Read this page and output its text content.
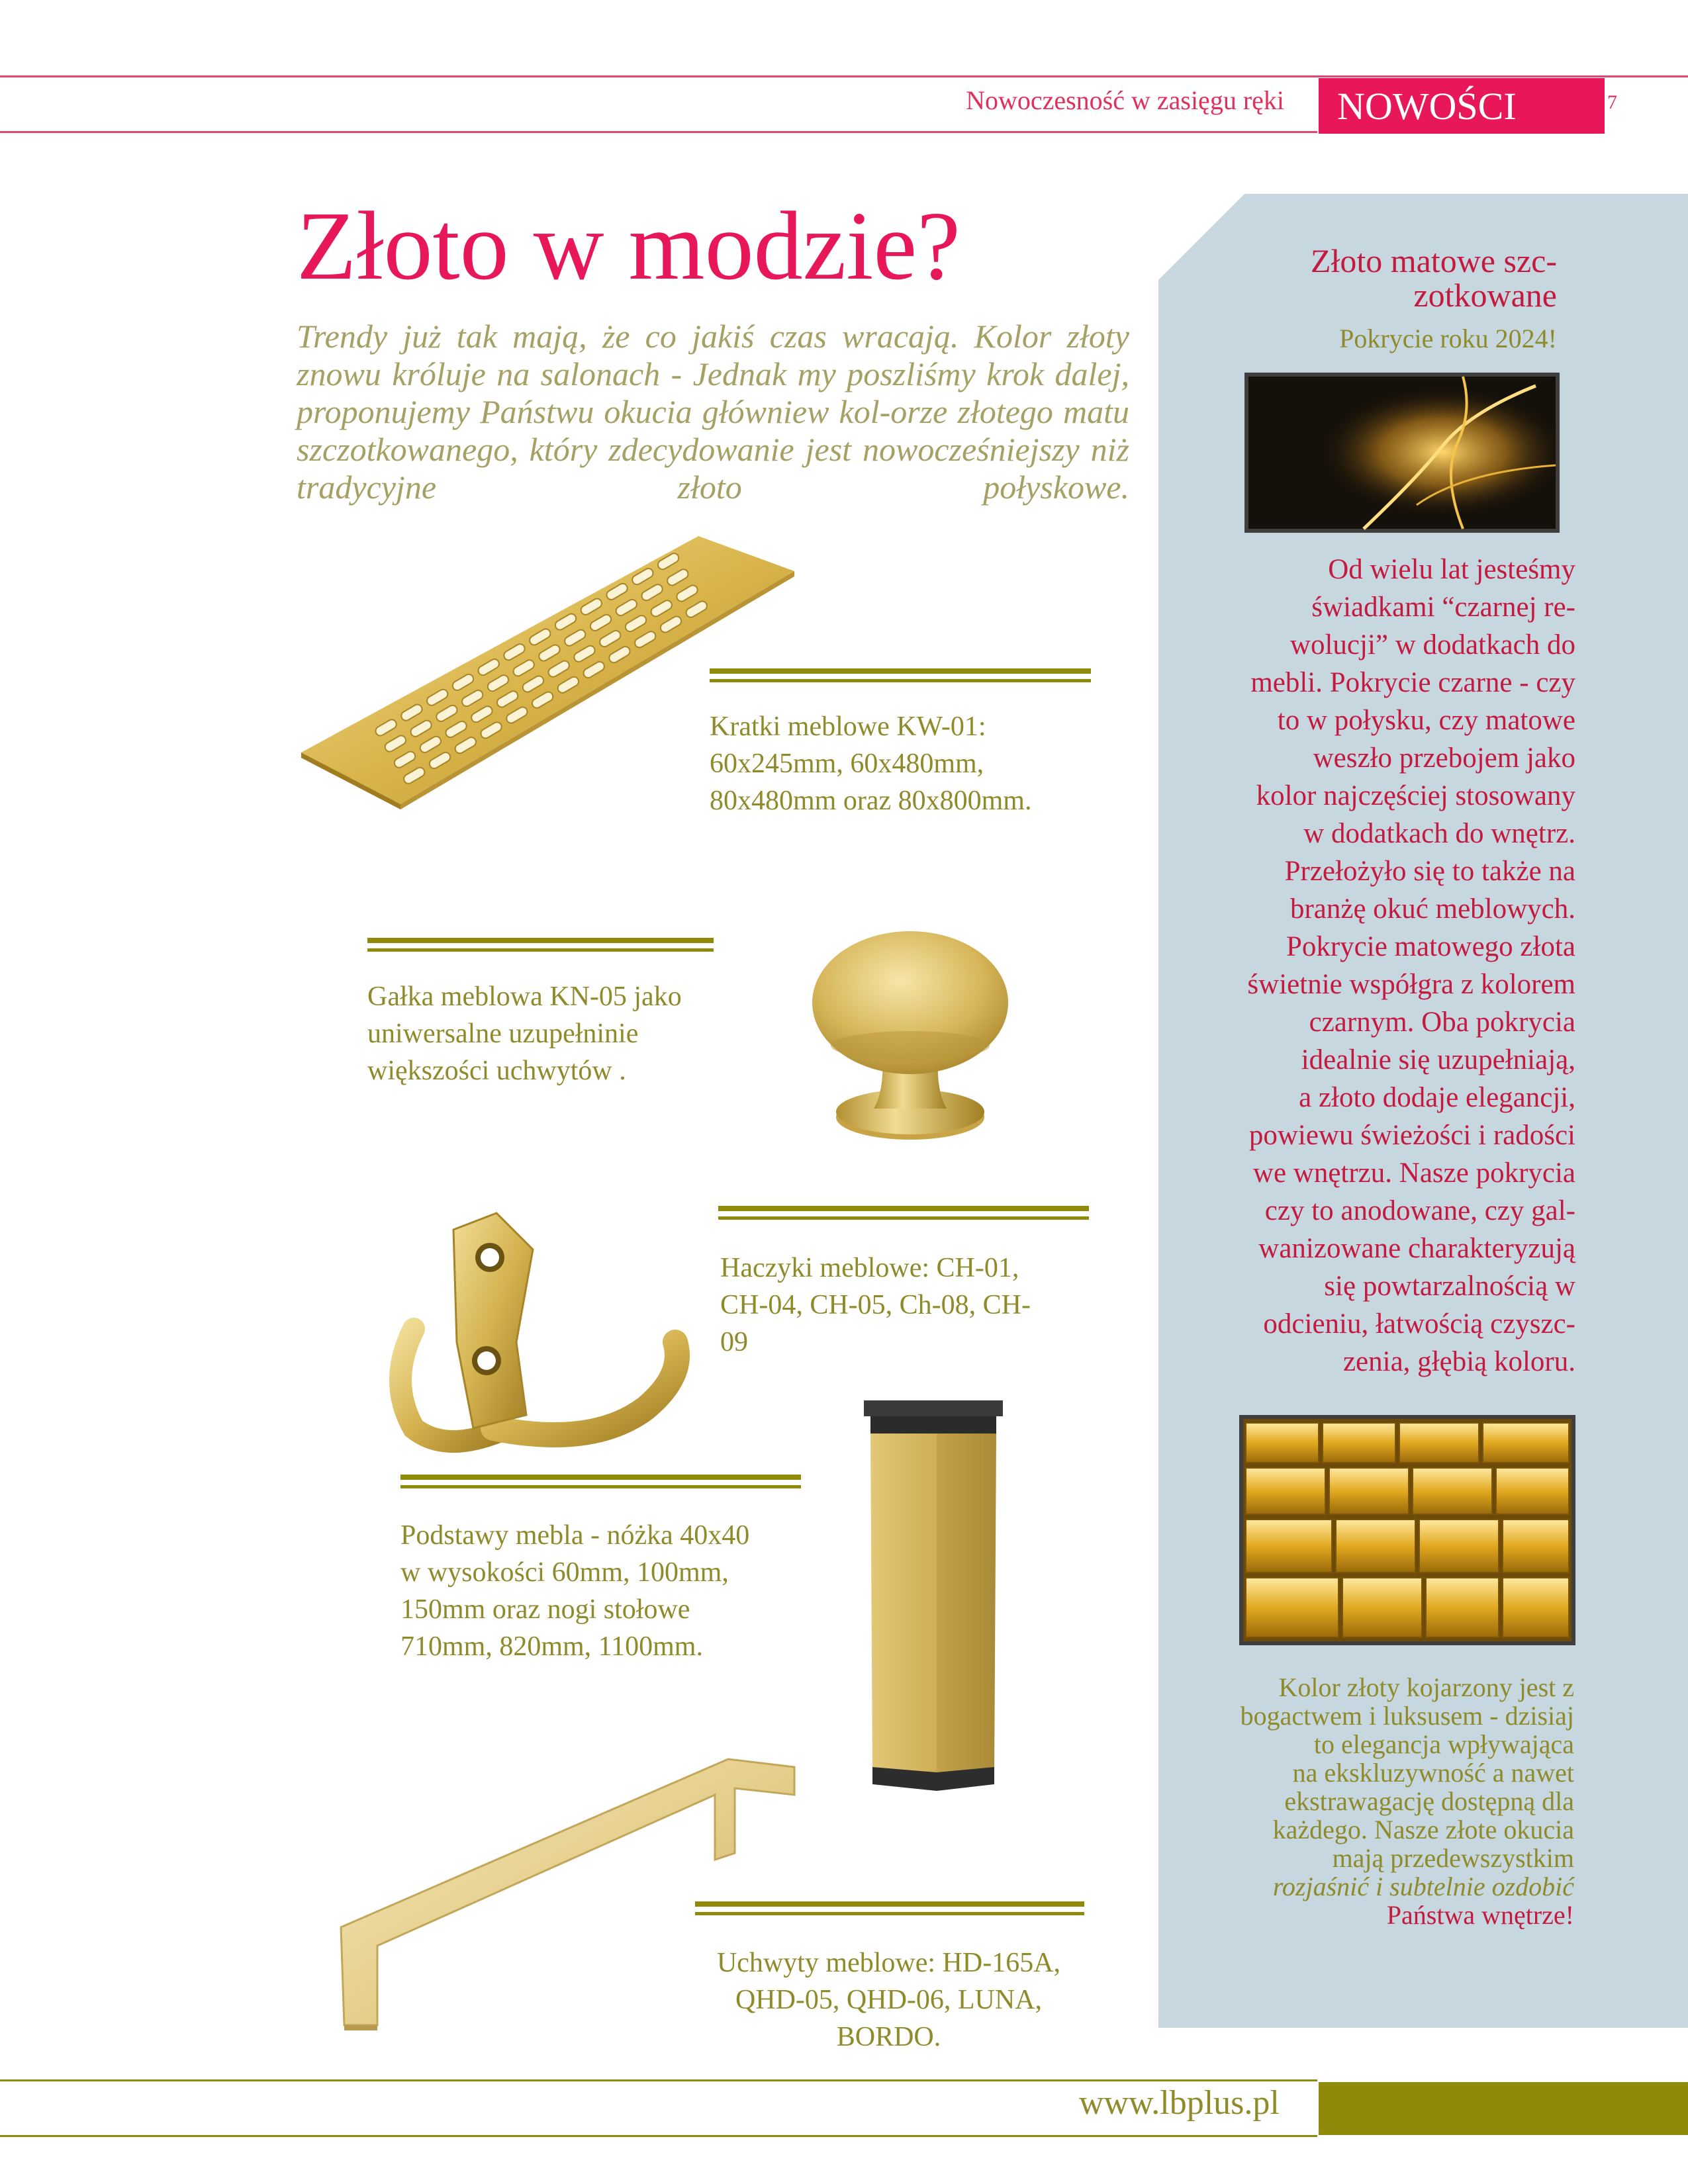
Nowoczesność w zasięgu ręki NOWOŚCI	7
Złoto w modzie?
Trendy już tak mają, że co jakiś czas wracają. Kolor złoty znowu króluje na salonach - Jednak my poszliśmy krok dalej, proponujemy Państwu okucia główniew kol-orze złotego matu szczotkowanego, który zdecydowanie jest nowocześniejszy niż tradycyjne złoto połyskowe.
Kratki meblowe KW-01:
60x245mm, 60x480mm,
80x480mm oraz 80x800mm.
Gałka meblowa KN-05 jako
uniwersalne uzupełninie
większości uchwytów .
Haczyki meblowe: CH-01,
CH-04, CH-05, Ch-08, CH-
09
Podstawy mebla - nóżka 40x40
w wysokości 60mm, 100mm,
150mm oraz nogi stołowe
710mm, 820mm, 1100mm.
Uchwyty meblowe: HD-165A,
QHD-05, QHD-06, LUNA,
BORDO.
Złoto matowe szc-
zotkowane
Pokrycie roku 2024!
Od wielu lat jesteśmy
świadkami “czarnej re-
wolucji” w dodatkach do
mebli. Pokrycie czarne - czy
to w połysku, czy matowe
weszło przebojem jako
kolor najczęściej stosowany
w dodatkach do wnętrz.
Przełożyło się to także na
branżę okuć meblowych.
Pokrycie matowego złota
świetnie współgra z kolorem
czarnym. Oba pokrycia
idealnie się uzupełniają,
a złoto dodaje elegancji,
powiewu świeżości i radości
we wnętrzu. Nasze pokrycia
czy to anodowane, czy gal-
wanizowane charakteryzują
się powtarzalnością w
odcieniu, łatwością czyszc-
zenia, głębią koloru.
Kolor złoty kojarzony jest z
bogactwem i luksusem - dzisiaj
to elegancja wpływająca
na ekskluzywność a nawet
ekstrawagację dostępną dla
każdego. Nasze złote okucia
mają przedewszystkim
rozjaśnić i subtelnie ozdobić
Państwa wnętrze!
www.lbplus.pl
